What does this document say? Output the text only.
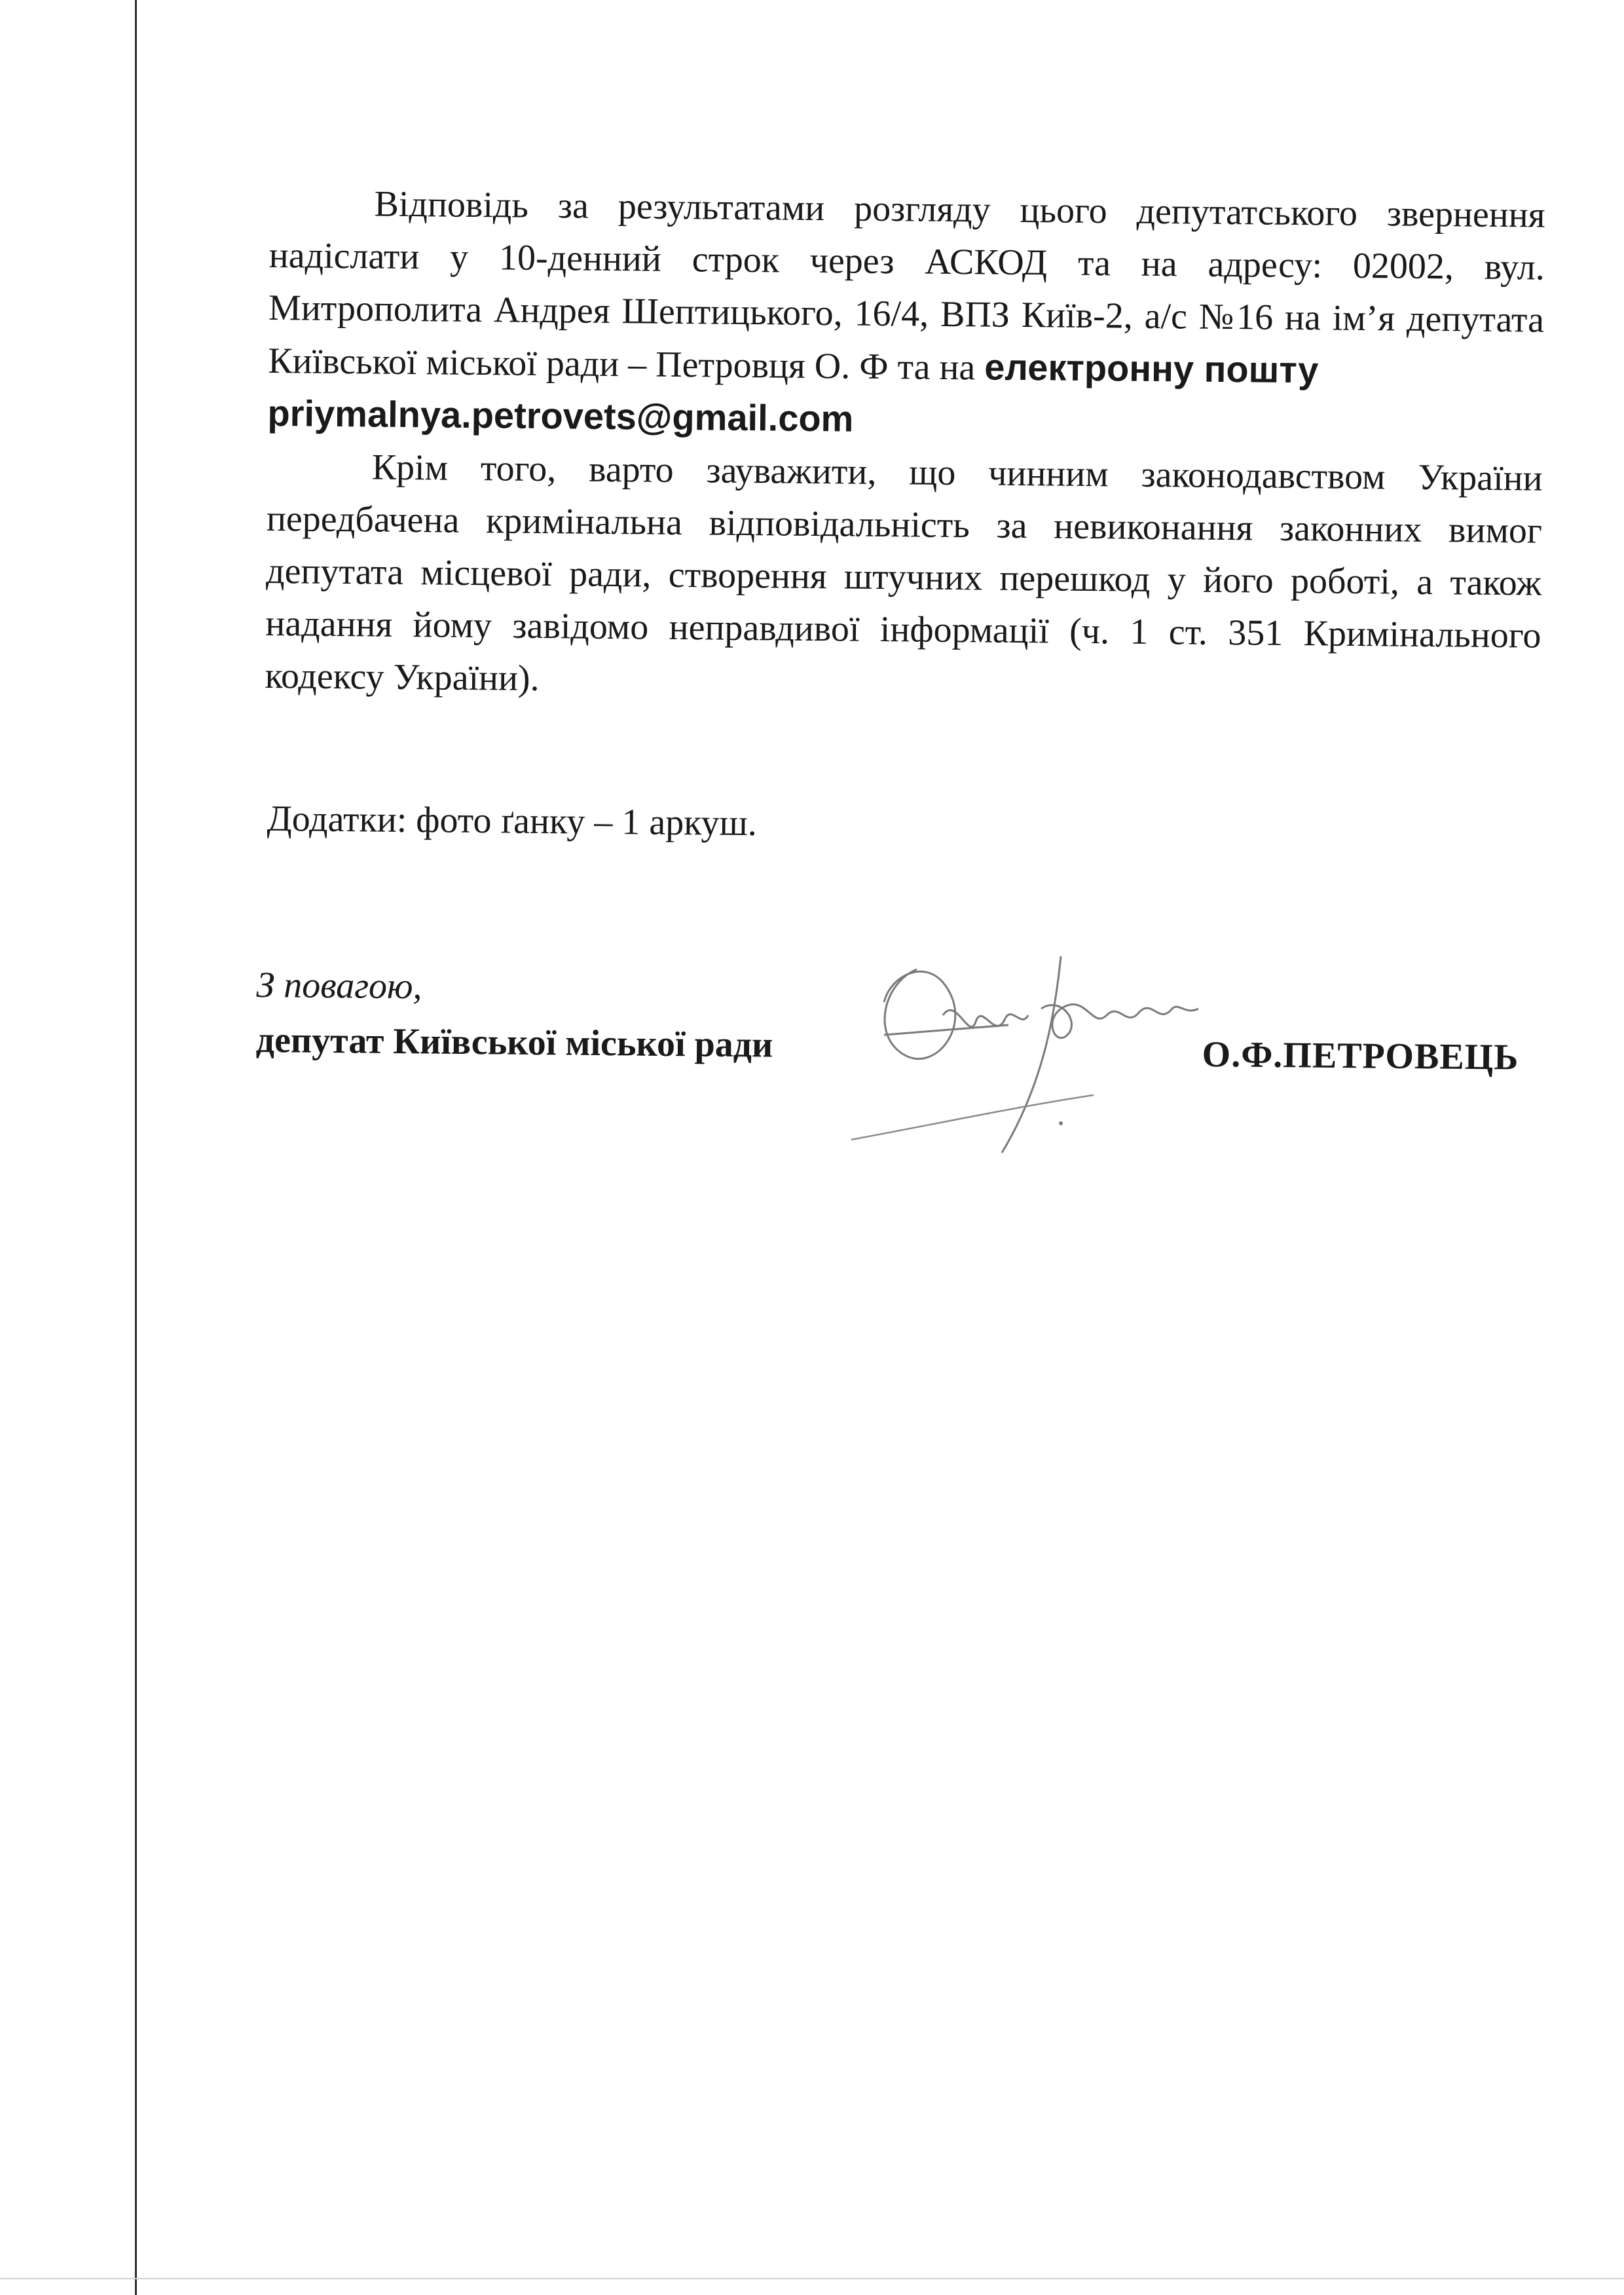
Відповідь за результатами розгляду цього депутатського звернення надіслати у 10-денний строк через АСКОД та на адресу: 02002, вул. Митрополита Андрея Шептицького, 16/4, ВПЗ Київ-2, а/с №16 на ім’я депутата Київської міської ради – Петровця О. Ф та на електронну пошту
priymalnya.petrovets@gmail.com

Крім того, варто зауважити, що чинним законодавством України передбачена кримінальна відповідальність за невиконання законних вимог депутата місцевої ради, створення штучних перешкод у його роботі, а також надання йому завідомо неправдивої інформації (ч. 1 ст. 351 Кримінального кодексу України).

Додатки: фото ґанку – 1 аркуш.
З повагою,
депутат Київської міської ради	О.Ф.ПЕТРОВЕЦЬ
